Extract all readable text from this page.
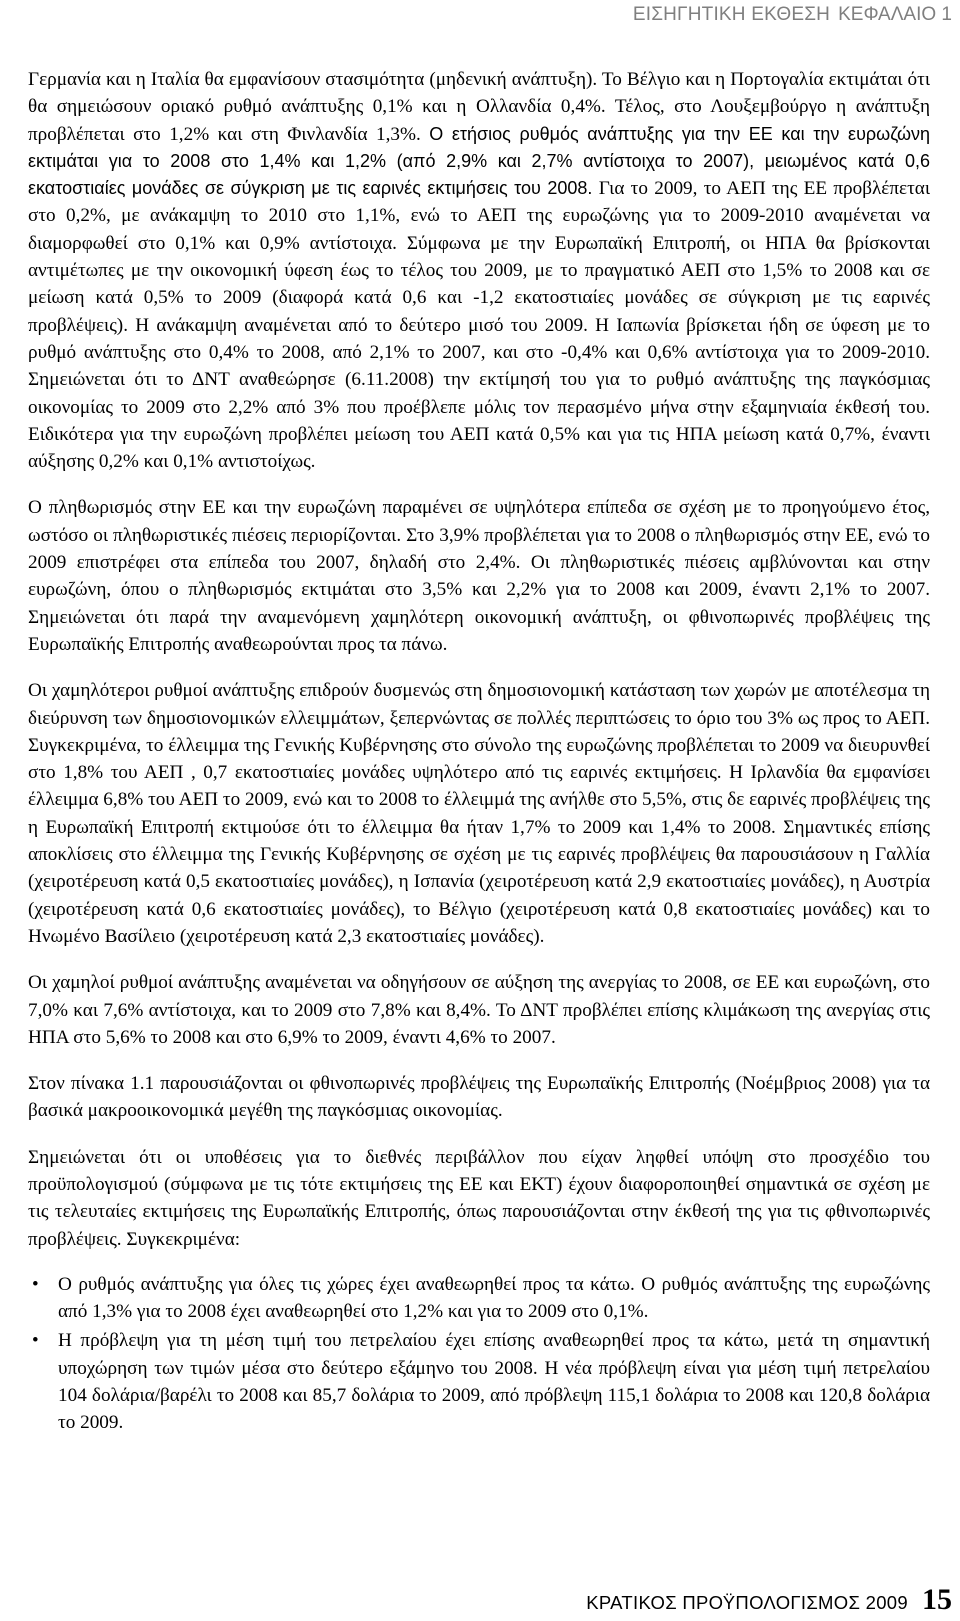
ΕΙΣΗΓΗΤΙΚΗ ΕΚΘΕΣΗ ΚΕΦΑΛΑΙΟ 1

Γερμανία και η Ιταλία θα εμφανίσουν στασιμότητα (μηδενική ανάπτυξη). Το Βέλγιο και η Πορτογαλία εκτιμάται ότι θα σημειώσουν οριακό ρυθμό ανάπτυξης 0,1% και η Ολλανδία 0,4%. Τέλος, στο Λουξεμβούργο η ανάπτυξη προβλέπεται στο 1,2% και στη Φινλανδία 1,3%. Ο ετήσιος ρυθμός ανάπτυξης για την ΕΕ και την ευρωζώνη εκτιμάται για το 2008 στο 1,4% και 1,2% (από 2,9% και 2,7% αντίστοιχα το 2007), μειωμένος κατά 0,6 εκατοστιαίες μονάδες σε σύγκριση με τις εαρινές εκτιμήσεις του 2008. Για το 2009, το ΑΕΠ της ΕΕ προβλέπεται στο 0,2%, με ανάκαμψη το 2010 στο 1,1%, ενώ το ΑΕΠ της ευρωζώνης για το 2009-2010 αναμένεται να διαμορφωθεί στο 0,1% και 0,9% αντίστοιχα. Σύμφωνα με την Ευρωπαϊκή Επιτροπή, οι ΗΠΑ θα βρίσκονται αντιμέτωπες με την οικονομική ύφεση έως το τέλος του 2009, με το πραγματικό ΑΕΠ στο 1,5% το 2008 και σε μείωση κατά 0,5% το 2009 (διαφορά κατά 0,6 και -1,2 εκατοστιαίες μονάδες σε σύγκριση με τις εαρινές προβλέψεις). Η ανάκαμψη αναμένεται από το δεύτερο μισό του 2009. Η Ιαπωνία βρίσκεται ήδη σε ύφεση με το ρυθμό ανάπτυξης στο 0,4% το 2008, από 2,1% το 2007, και στο -0,4% και 0,6% αντίστοιχα για το 2009-2010. Σημειώνεται ότι το ΔΝΤ αναθεώρησε (6.11.2008) την εκτίμησή του για το ρυθμό ανάπτυξης της παγκόσμιας οικονομίας το 2009 στο 2,2% από 3% που προέβλεπε μόλις τον περασμένο μήνα στην εξαμηνιαία έκθεσή του. Ειδικότερα για την ευρωζώνη προβλέπει μείωση του ΑΕΠ κατά 0,5% και για τις ΗΠΑ μείωση κατά 0,7%, έναντι αύξησης 0,2% και 0,1% αντιστοίχως.

Ο πληθωρισμός στην ΕΕ και την ευρωζώνη παραμένει σε υψηλότερα επίπεδα σε σχέση με το προηγούμενο έτος, ωστόσο οι πληθωριστικές πιέσεις περιορίζονται. Στο 3,9% προβλέπεται για το 2008 ο πληθωρισμός στην ΕΕ, ενώ το 2009 επιστρέφει στα επίπεδα του 2007, δηλαδή στο 2,4%. Οι πληθωριστικές πιέσεις αμβλύνονται και στην ευρωζώνη, όπου ο πληθωρισμός εκτιμάται στο 3,5% και 2,2% για το 2008 και 2009, έναντι 2,1% το 2007. Σημειώνεται ότι παρά την αναμενόμενη χαμηλότερη οικονομική ανάπτυξη, οι φθινοπωρινές προβλέψεις της Ευρωπαϊκής Επιτροπής αναθεωρούνται προς τα πάνω.

Οι χαμηλότεροι ρυθμοί ανάπτυξης επιδρούν δυσμενώς στη δημοσιονομική κατάσταση των χωρών με αποτέλεσμα τη διεύρυνση των δημοσιονομικών ελλειμμάτων, ξεπερνώντας σε πολλές περιπτώσεις το όριο του 3% ως προς το ΑΕΠ. Συγκεκριμένα, το έλλειμμα της Γενικής Κυβέρνησης στο σύνολο της ευρωζώνης προβλέπεται το 2009 να διευρυνθεί στο 1,8% του ΑΕΠ , 0,7 εκατοστιαίες μονάδες υψηλότερο από τις εαρινές εκτιμήσεις. Η Ιρλανδία θα εμφανίσει έλλειμμα 6,8% του ΑΕΠ το 2009, ενώ και το 2008 το έλλειμμά της ανήλθε στο 5,5%, στις δε εαρινές προβλέψεις της η Ευρωπαϊκή Επιτροπή εκτιμούσε ότι το έλλειμμα θα ήταν 1,7% το 2009 και 1,4% το 2008. Σημαντικές επίσης αποκλίσεις στο έλλειμμα της Γενικής Κυβέρνησης σε σχέση με τις εαρινές προβλέψεις θα παρουσιάσουν η Γαλλία (χειροτέρευση κατά 0,5 εκατοστιαίες μονάδες), η Ισπανία (χειροτέρευση κατά 2,9 εκατοστιαίες μονάδες), η Αυστρία (χειροτέρευση κατά 0,6 εκατοστιαίες μονάδες), το Βέλγιο (χειροτέρευση κατά 0,8 εκατοστιαίες μονάδες) και το Ηνωμένο Βασίλειο (χειροτέρευση κατά 2,3 εκατοστιαίες μονάδες).

Οι χαμηλοί ρυθμοί ανάπτυξης αναμένεται να οδηγήσουν σε αύξηση της ανεργίας το 2008, σε ΕΕ και ευρωζώνη, στο 7,0% και 7,6% αντίστοιχα, και το 2009 στο 7,8% και 8,4%. Το ΔΝΤ προβλέπει επίσης κλιμάκωση της ανεργίας στις ΗΠΑ στο 5,6% το 2008 και στο 6,9% το 2009, έναντι 4,6% το 2007.

Στον πίνακα 1.1 παρουσιάζονται οι φθινοπωρινές προβλέψεις της Ευρωπαϊκής Επιτροπής (Νοέμβριος 2008) για τα βασικά μακροοικονομικά μεγέθη της παγκόσμιας οικονομίας.

Σημειώνεται ότι οι υποθέσεις για το διεθνές περιβάλλον που είχαν ληφθεί υπόψη στο προσχέδιο του προϋπολογισμού (σύμφωνα με τις τότε εκτιμήσεις της ΕΕ και ΕΚΤ) έχουν διαφοροποιηθεί σημαντικά σε σχέση με τις τελευταίες εκτιμήσεις της Ευρωπαϊκής Επιτροπής, όπως παρουσιάζονται στην έκθεσή της για τις φθινοπωρινές προβλέψεις. Συγκεκριμένα:

• Ο ρυθμός ανάπτυξης για όλες τις χώρες έχει αναθεωρηθεί προς τα κάτω. Ο ρυθμός ανάπτυξης της ευρωζώνης από 1,3% για το 2008 έχει αναθεωρηθεί στο 1,2% και για το 2009 στο 0,1%.
• Η πρόβλεψη για τη μέση τιμή του πετρελαίου έχει επίσης αναθεωρηθεί προς τα κάτω, μετά τη σημαντική υποχώρηση των τιμών μέσα στο δεύτερο εξάμηνο του 2008. Η νέα πρόβλεψη είναι για μέση τιμή πετρελαίου 104 δολάρια/βαρέλι το 2008 και 85,7 δολάρια το 2009, από πρόβλεψη 115,1 δολάρια το 2008 και 120,8 δολάρια το 2009.
ΚΡΑΤΙΚΟΣ ΠΡΟΫΠΟΛΟΓΙΣΜΟΣ 2009 15
